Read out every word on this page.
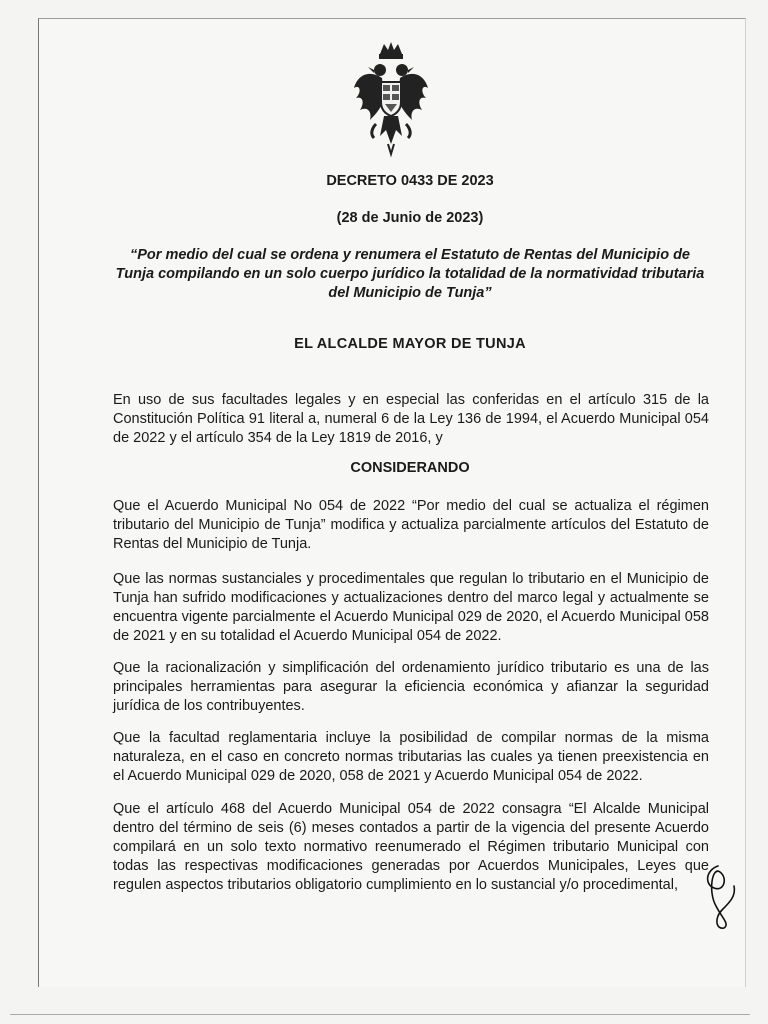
DECRETO 0433 DE 2023
(28 de Junio de 2023)
“Por medio del cual se ordena y renumera el Estatuto de Rentas del Municipio de Tunja compilando en un solo cuerpo jurídico la totalidad de la normatividad tributaria del Municipio de Tunja”
EL ALCALDE MAYOR DE TUNJA
En uso de sus facultades legales y en especial las conferidas en el artículo 315 de la Constitución Política 91 literal a, numeral 6 de la Ley 136 de 1994, el Acuerdo Municipal 054 de 2022 y el artículo 354 de la Ley 1819 de 2016, y
CONSIDERANDO
Que el Acuerdo Municipal No 054 de 2022 “Por medio del cual se actualiza el régimen tributario del Municipio de Tunja” modifica y actualiza parcialmente artículos del Estatuto de Rentas del Municipio de Tunja.
Que las normas sustanciales y procedimentales que regulan lo tributario en el Municipio de Tunja han sufrido modificaciones y actualizaciones dentro del marco legal y actualmente se encuentra vigente parcialmente el Acuerdo Municipal 029 de 2020, el Acuerdo Municipal 058 de 2021 y en su totalidad el Acuerdo Municipal 054 de 2022.
Que la racionalización y simplificación del ordenamiento jurídico tributario es una de las principales herramientas para asegurar la eficiencia económica y afianzar la seguridad jurídica de los contribuyentes.
Que la facultad reglamentaria incluye la posibilidad de compilar normas de la misma naturaleza, en el caso en concreto normas tributarias las cuales ya tienen preexistencia en el Acuerdo Municipal 029 de 2020, 058 de 2021 y Acuerdo Municipal 054 de 2022.
Que el artículo 468 del Acuerdo Municipal 054 de 2022 consagra “El Alcalde Municipal dentro del término de seis (6) meses contados a partir de la vigencia del presente Acuerdo compilará en un solo texto normativo reenumerado el Régimen tributario Municipal con todas las respectivas modificaciones generadas por Acuerdos Municipales, Leyes que regulen aspectos tributarios obligatorio cumplimiento en lo sustancial y/o procedimental,
